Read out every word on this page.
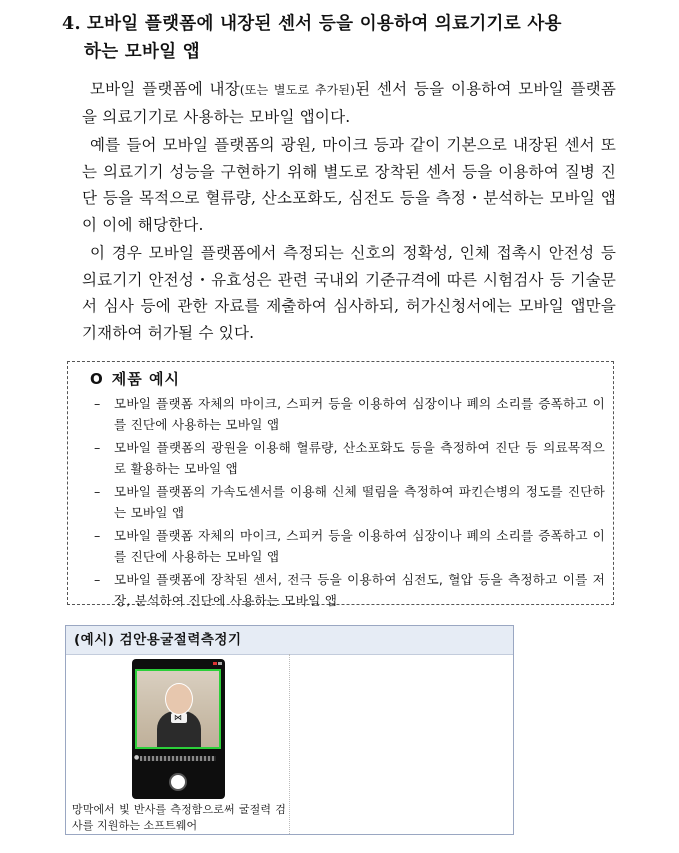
4. 모바일 플랫폼에 내장된 센서 등을 이용하여 의료기기로 사용
하는 모바일 앱

모바일 플랫폼에 내장(또는 별도로 추가된)된 센서 등을 이용하여 모바일 플랫폼을 의료기기로 사용하는 모바일 앱이다.

예를 들어 모바일 플랫폼의 광원, 마이크 등과 같이 기본으로 내장된 센서 또는 의료기기 성능을 구현하기 위해 별도로 장착된 센서 등을 이용하여 질병 진단 등을 목적으로 혈류량, 산소포화도, 심전도 등을 측정・분석하는 모바일 앱이 이에 해당한다.

이 경우 모바일 플랫폼에서 측정되는 신호의 정확성, 인체 접촉시 안전성 등 의료기기 안전성・유효성은 관련 국내외 기준규격에 따른 시험검사 등 기술문서 심사 등에 관한 자료를 제출하여 심사하되, 허가신청서에는 모바일 앱만을 기재하여 허가될 수 있다.

O 제품 예시
– 모바일 플랫폼 자체의 마이크, 스피커 등을 이용하여 심장이나 폐의 소리를 증폭하고 이를 진단에 사용하는 모바일 앱
– 모바일 플랫폼의 광원을 이용해 혈류량, 산소포화도 등을 측정하여 진단 등 의료목적으로 활용하는 모바일 앱
– 모바일 플랫폼의 가속도센서를 이용해 신체 떨림을 측정하여 파킨슨병의 정도를 진단하는 모바일 앱
– 모바일 플랫폼 자체의 마이크, 스피커 등을 이용하여 심장이나 폐의 소리를 증폭하고 이를 진단에 사용하는 모바일 앱
– 모바일 플랫폼에 장착된 센서, 전극 등을 이용하여 심전도, 혈압 등을 측정하고 이를 저장, 분석하여 진단에 사용하는 모바일 앱
(예시) 검안용굴절력측정기
⋈
●
망막에서 빛 반사를 측정함으로써 굴절력 검사를 지원하는 소프트웨어
